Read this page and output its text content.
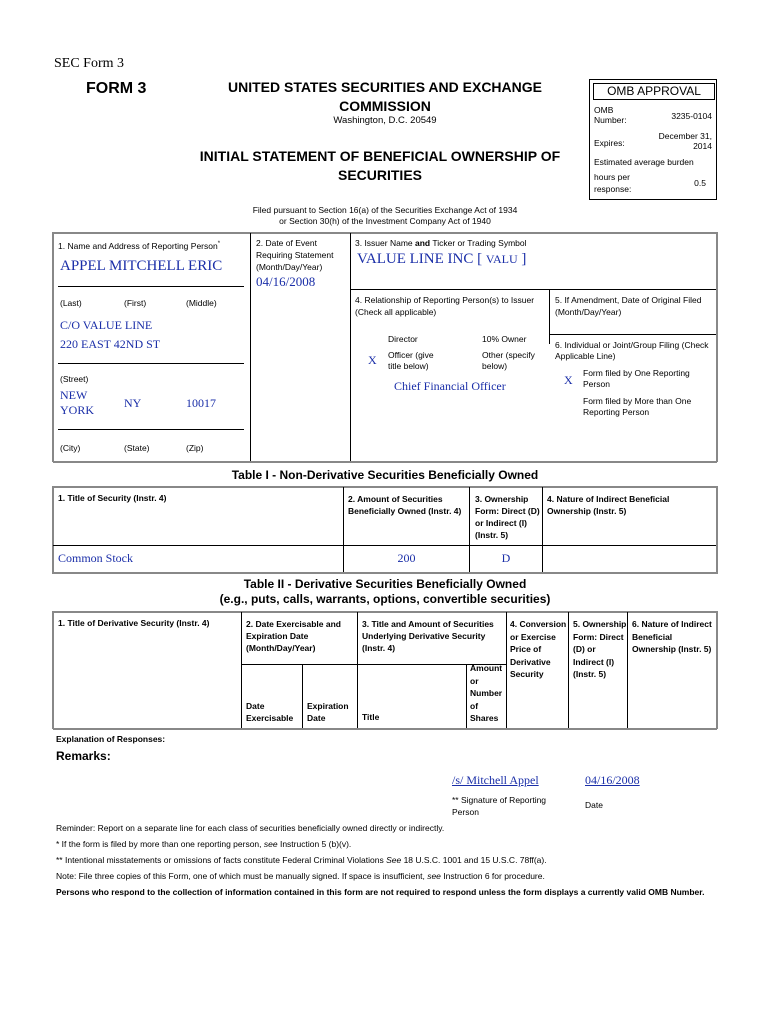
SEC Form 3
FORM 3	UNITED STATES SECURITIES AND EXCHANGE COMMISSION
Washington, D.C. 20549
INITIAL STATEMENT OF BENEFICIAL OWNERSHIP OF SECURITIES
OMB APPROVAL
OMB Number:	3235-0104
Expires:
December 31, 2014
Estimated average burden
hours per response:
0.5
Filed pursuant to Section 16(a) of the Securities Exchange Act of 1934
or Section 30(h) of the Investment Company Act of 1940
1. Name and Address of Reporting Person*
APPEL MITCHELL ERIC
(Last)	(First)	(Middle)
C/O VALUE LINE
220 EAST 42ND ST
(Street)
NEW YORK	NY	10017
(City)	(State)	(Zip)
2. Date of Event Requiring Statement (Month/Day/Year)
04/16/2008
3. Issuer Name and Ticker or Trading Symbol
VALUE LINE INC [ VALU ]
4. Relationship of Reporting Person(s) to Issuer (Check all applicable)
Director	10% Owner
X Officer (give title below)
Other (specify below)
Chief Financial Officer
5. If Amendment, Date of Original Filed (Month/Day/Year)
6. Individual or Joint/Group Filing (Check Applicable Line)
X Form filed by One Reporting Person
Form filed by More than One Reporting Person
Table I - Non-Derivative Securities Beneficially Owned
1. Title of Security (Instr. 4)	2. Amount of Securities Beneficially Owned (Instr. 4)
3. Ownership Form: Direct (D) or Indirect (I) (Instr. 5)
4. Nature of Indirect Beneficial Ownership (Instr. 5)
Common Stock	200	D
Table II - Derivative Securities Beneficially Owned
(e.g., puts, calls, warrants, options, convertible securities)
1. Title of Derivative Security (Instr. 4)	2. Date Exercisable and Expiration Date (Month/Day/Year)
3. Title and Amount of Securities Underlying Derivative Security (Instr. 4)
4. Conversion or Exercise Price of Derivative Security
5. Ownership Form: Direct (D) or Indirect (I) (Instr. 5)
6. Nature of Indirect Beneficial Ownership (Instr. 5)
Date Exercisable
Expiration Date	Title
Amount or Number of Shares
Explanation of Responses:
Remarks:
/s/ Mitchell Appel	04/16/2008
** Signature of Reporting Person
Date
Reminder: Report on a separate line for each class of securities beneficially owned directly or indirectly.
* If the form is filed by more than one reporting person, see Instruction 5 (b)(v).
** Intentional misstatements or omissions of facts constitute Federal Criminal Violations See 18 U.S.C. 1001 and 15 U.S.C. 78ff(a).
Note: File three copies of this Form, one of which must be manually signed. If space is insufficient, see Instruction 6 for procedure.
Persons who respond to the collection of information contained in this form are not required to respond unless the form displays a currently valid OMB Number.
